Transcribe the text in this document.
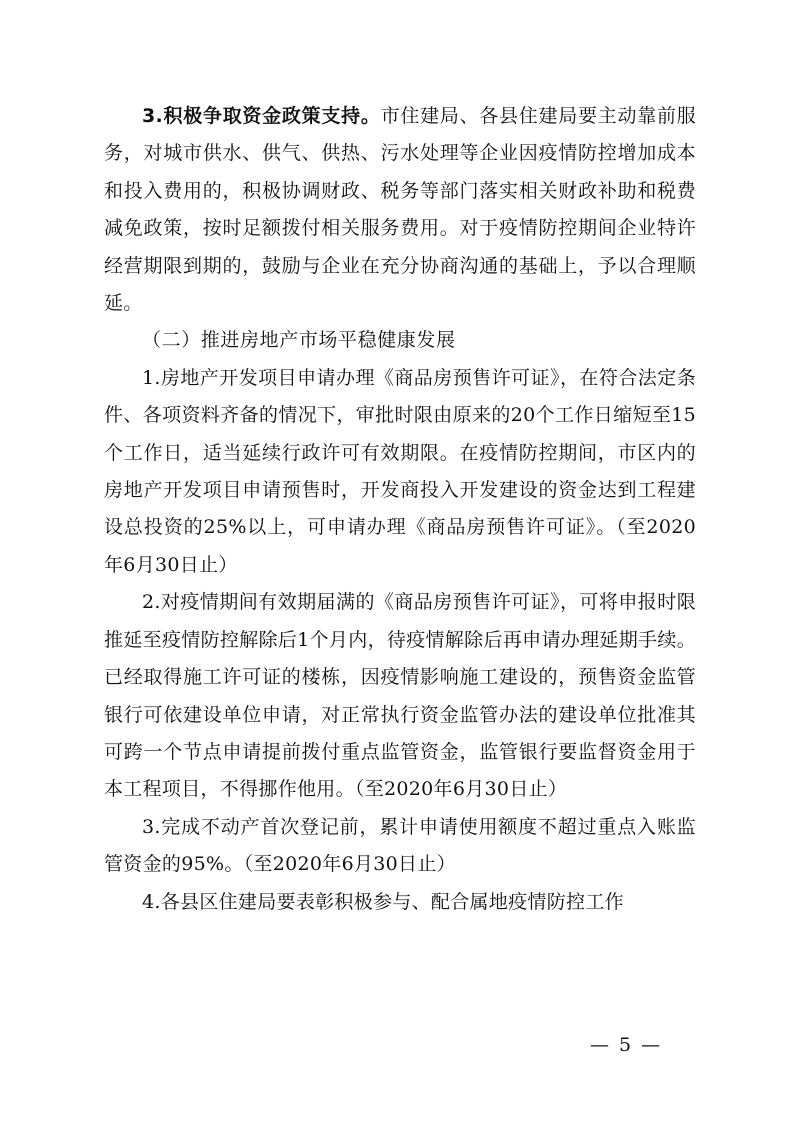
3.积极争取资金政策支持。市住建局、各县住建局要主动靠前服务，对城市供水、供气、供热、污水处理等企业因疫情防控增加成本和投入费用的，积极协调财政、税务等部门落实相关财政补助和税费减免政策，按时足额拨付相关服务费用。对于疫情防控期间企业特许经营期限到期的，鼓励与企业在充分协商沟通的基础上，予以合理顺延。

（二）推进房地产市场平稳健康发展

1.房地产开发项目申请办理《商品房预售许可证》，在符合法定条件、各项资料齐备的情况下，审批时限由原来的20个工作日缩短至15个工作日，适当延续行政许可有效期限。在疫情防控期间，市区内的房地产开发项目申请预售时，开发商投入开发建设的资金达到工程建设总投资的25%以上，可申请办理《商品房预售许可证》。（至2020年6月30日止）

2.对疫情期间有效期届满的《商品房预售许可证》，可将申报时限推延至疫情防控解除后1个月内，待疫情解除后再申请办理延期手续。已经取得施工许可证的楼栋，因疫情影响施工建设的，预售资金监管银行可依建设单位申请，对正常执行资金监管办法的建设单位批准其可跨一个节点申请提前拨付重点监管资金，监管银行要监督资金用于本工程项目，不得挪作他用。（至2020年6月30日止）

3.完成不动产首次登记前，累计申请使用额度不超过重点入账监管资金的95%。（至2020年6月30日止）

4.各县区住建局要表彰积极参与、配合属地疫情防控工作

— 5 —
